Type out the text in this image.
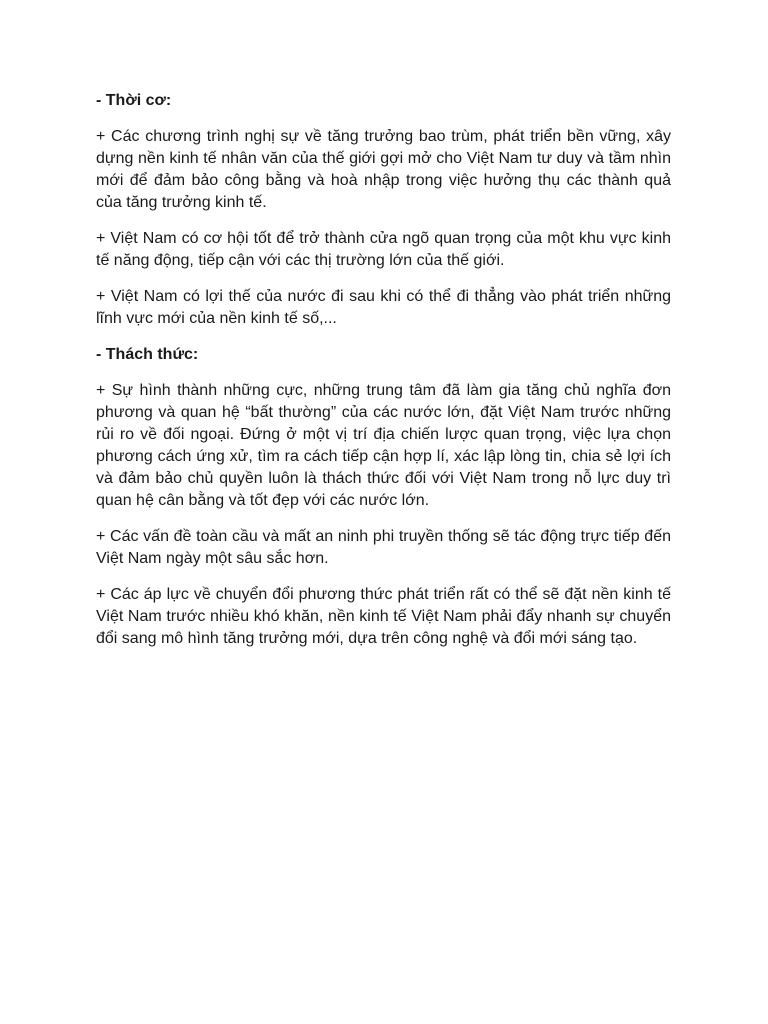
- Thời cơ:

+ Các chương trình nghị sự về tăng trưởng bao trùm, phát triển bền vững, xây dựng nền kinh tế nhân văn của thế giới gợi mở cho Việt Nam tư duy và tầm nhìn mới để đảm bảo công bằng và hoà nhập trong việc hưởng thụ các thành quả của tăng trưởng kinh tế.

+ Việt Nam có cơ hội tốt để trở thành cửa ngõ quan trọng của một khu vực kinh tế năng động, tiếp cận với các thị trường lớn của thế giới.

+ Việt Nam có lợi thế của nước đi sau khi có thể đi thẳng vào phát triển những lĩnh vực mới của nền kinh tế số,...

- Thách thức:

+ Sự hình thành những cực, những trung tâm đã làm gia tăng chủ nghĩa đơn phương và quan hệ “bất thường” của các nước lớn, đặt Việt Nam trước những rủi ro về đối ngoại. Đứng ở một vị trí địa chiến lược quan trọng, việc lựa chọn phương cách ứng xử, tìm ra cách tiếp cận hợp lí, xác lập lòng tin, chia sẻ lợi ích và đảm bảo chủ quyền luôn là thách thức đối với Việt Nam trong nỗ lực duy trì quan hệ cân bằng và tốt đẹp với các nước lớn.

+ Các vấn đề toàn cầu và mất an ninh phi truyền thống sẽ tác động trực tiếp đến Việt Nam ngày một sâu sắc hơn.

+ Các áp lực về chuyển đổi phương thức phát triển rất có thể sẽ đặt nền kinh tế Việt Nam trước nhiều khó khăn, nền kinh tế Việt Nam phải đẩy nhanh sự chuyển đổi sang mô hình tăng trưởng mới, dựa trên công nghệ và đổi mới sáng tạo.
